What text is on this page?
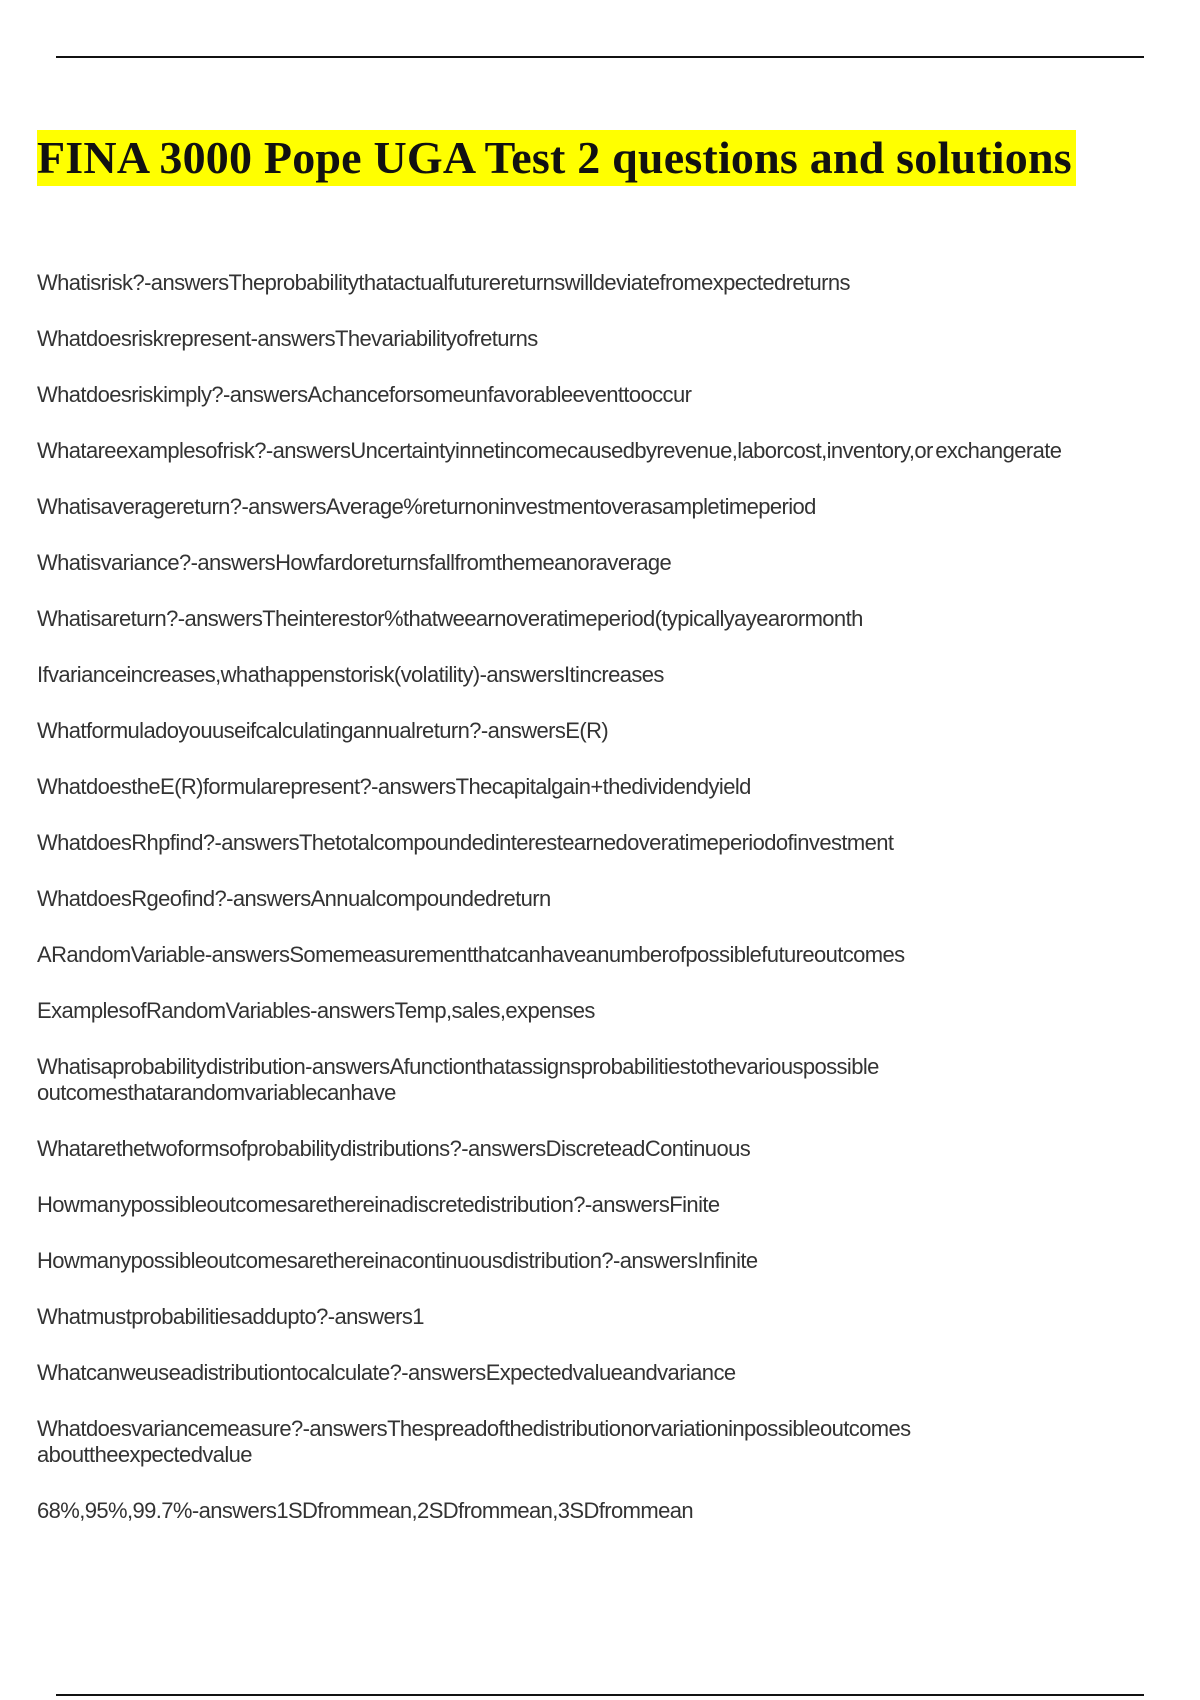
FINA 3000 Pope UGA Test 2 questions and solutions
Whatisrisk?-answersTheprobabilitythatactualfuturereturnswilldeviatefromexpectedreturns
Whatdoesriskrepresent-answersThevariabilityofreturns
Whatdoesriskimply?-answersAchanceforsomeunfavorableeventtooccur
Whatareexamplesofrisk?-answersUncertaintyinnetincomecausedbyrevenue,laborcost,inventory,or exchangerate
Whatisaveragereturn?-answersAverage%returnoninvestmentoverasampletimeperiod
Whatisvariance?-answersHowfardoreturnsfallfromthemeanoraverage
Whatisareturn?-answersTheinterestor%thatweearnoveratimeperiod(typicallyayearormonth
Ifvarianceincreases,whathappenstorisk(volatility)-answersItincreases
Whatformuladoyouuseifcalculatingannualreturn?-answersE(R)
WhatdoestheE(R)formularepresent?-answersThecapitalgain+thedividendyield
WhatdoesRhpfind?-answersThetotalcompoundedinterestearnedoveratimeperiodofinvestment
WhatdoesRgeofind?-answersAnnualcompoundedreturn
ARandomVariable-answersSomemeasurementthatcanhaveanumberofpossiblefutureoutcomes
ExamplesofRandomVariables-answersTemp,sales,expenses
Whatisaprobabilitydistribution-answersAfunctionthatassignsprobabilitiestothevariouspossible outcomesthatarandomvariablecanhave
Whatarethetwoformsofprobabilitydistributions?-answersDiscreteadContinuous
Howmanypossibleoutcomesarethereinadiscretedistribution?-answersFinite
Howmanypossibleoutcomesarethereinacontinuousdistribution?-answersInfinite
Whatmustprobabilitiesaddupto?-answers1
Whatcanweuseadistributiontocalculate?-answersExpectedvalueandvariance
Whatdoesvariancemeasure?-answersThespreadofthedistributionorvariationinpossibleoutcomes abouttheexpectedvalue
68%,95%,99.7%-answers1SDfrommean,2SDfrommean,3SDfrommean
